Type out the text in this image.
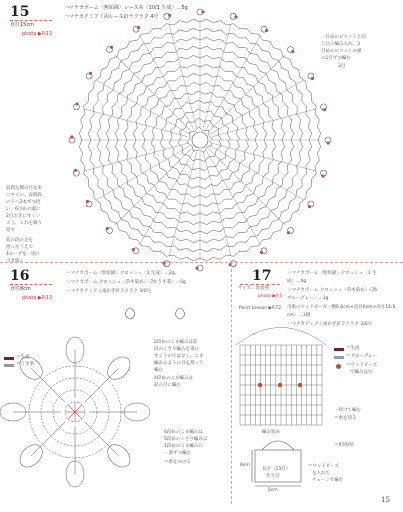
15
直径15cm
photo ▶P.13
ハマナカポーム〈無垢綿〉レース糸〈10/1 生成〉…5g
ハマナカアミアミ両レース針ラクラク 4号
一目めのピコットと同
じ目に編み入れ、3
目めのピコットの頭
に1目ずつ編む
3目
前段左側の目を束
にすくい、表側段
の下へ2本ずつ拾
い、6目めの頭に
2目おきにすくい
こう、これを繰り
返す
前の段の足を
拾ったうえで
4ループを一度に
引き抜く
16
直径8cm
photo ▶P.13
ハマナカポーム〈無垢綿〉クロッシュ〈1 生成〉…2g、
ハマナカポーム クロッシュ〈草木染め〉〈74 うす茶〉…5g
ハマナカアミアミ両かぎ針ラクラク 3/0号
＝生成
＝うす茶
2段めのこま編みは前
段のくさり編みを束に
すくうのではなく、こま
編みのように目を割って
編む
4段めのこま編みは
前の目に編む
6段めのこま編みは
5段めのくさり編みは
1段めのこま編みに
一条ずつ編む
＝糸をつける
17
サイズ…図参照
photo ▶P.5
Point Lesson ▶P.72
ハマナカポーム〈無垢綿〉クロッシュ〈1 生
成〉…4g
ハマナカポーム クロッシュ〈草木染め〉〈76
ブルーグレー〉…1g
市販のウッドビーズ〈横6.6cm×直径6cm×高さ12.5
cm〉…3個
ハマナカアミアミ両かぎ針ラクラク 3/0号
＝生成
＝ブルーグレー
＝ウッドビーズ
で編み込む
・続けて編む
＝糸を切る
＝P.5参照
編み始め
6cm
5cm
長さ（13目）
作り目
＝ウッドビーズ
を入れて
チェーンで編む
15
